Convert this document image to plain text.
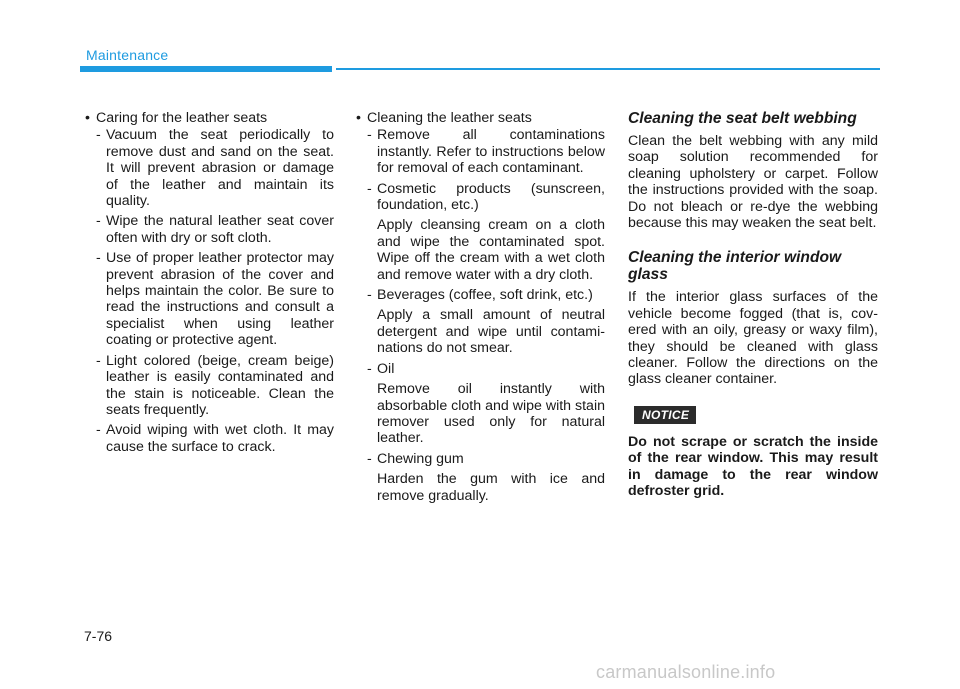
Maintenance

• Caring for the leather seats

- Vacuum the seat periodically to remove dust and sand on the seat. It will prevent abrasion or damage of the leather and maintain its quality.

- Wipe the natural leather seat cover often with dry or soft cloth.

- Use of proper leather protector may prevent abrasion of the cover and helps maintain the color. Be sure to read the instructions and consult a specialist when using leather coating or protective agent.

- Light colored (beige, cream beige) leather is easily contaminated and the stain is noticeable. Clean the seats frequently.

- Avoid wiping with wet cloth. It may cause the surface to crack.

• Cleaning the leather seats

- Remove all contaminations instantly. Refer to instructions below for removal of each contaminant.

- Cosmetic products (sunscreen, foundation, etc.)

Apply cleansing cream on a cloth and wipe the contaminated spot. Wipe off the cream with a wet cloth and remove water with a dry cloth.

- Beverages (coffee, soft drink, etc.)

Apply a small amount of neutral detergent and wipe until contaminations do not smear.

- Oil

Remove oil instantly with absorbable cloth and wipe with stain remover used only for natural leather.

- Chewing gum

Harden the gum with ice and remove gradually.

Cleaning the seat belt webbing

Clean the belt webbing with any mild soap solution recommended for cleaning upholstery or carpet. Follow the instructions provided with the soap. Do not bleach or re-dye the webbing because this may weaken the seat belt.

Cleaning the interior window glass

If the interior glass surfaces of the vehicle become fogged (that is, covered with an oily, greasy or waxy film), they should be cleaned with glass cleaner. Follow the directions on the glass cleaner container.

NOTICE

Do not scrape or scratch the inside of the rear window. This may result in damage to the rear window defroster grid.

7-76
carmanualsonline.info
